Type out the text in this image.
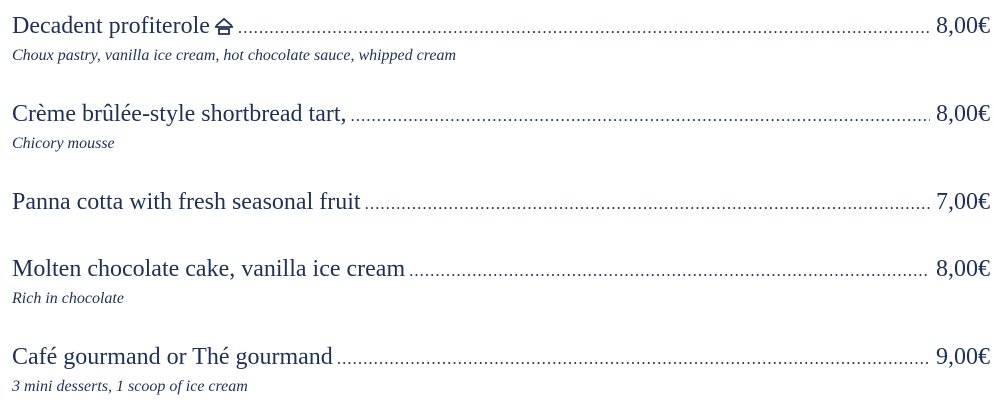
Decadent profiterole .....	8,00€
Choux pastry, vanilla ice cream, hot chocolate sauce, whipped cream
Crème brûlée-style shortbread tart, .....	8,00€
Chicory mousse
Panna cotta with fresh seasonal fruit .....	7,00€
Molten chocolate cake, vanilla ice cream .....	8,00€
Rich in chocolate
Café gourmand or Thé gourmand .....	9,00€
3 mini desserts, 1 scoop of ice cream
